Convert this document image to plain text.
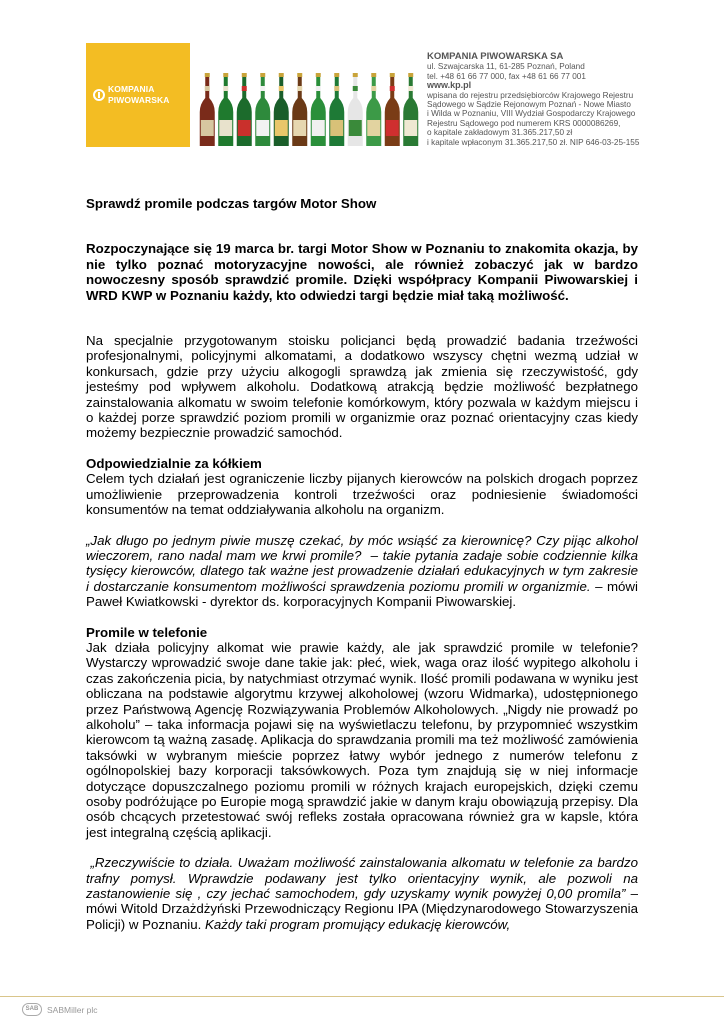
KOMPANIA
PIWOWARSKA
KOMPANIA PIWOWARSKA SA
ul. Szwajcarska 11, 61-285 Poznań, Poland
tel. +48 61 66 77 000, fax +48 61 66 77 001
www.kp.pl
wpisana do rejestru przedsiębiorców Krajowego Rejestru
Sądowego w Sądzie Rejonowym Poznań - Nowe Miasto
i Wilda w Poznaniu, VIII Wydział Gospodarczy Krajowego
Rejestru Sądowego pod numerem KRS 0000086269,
o kapitale zakładowym 31.365.217,50 zł
i kapitale wpłaconym 31.365.217,50 zł. NIP 646-03-25-155

Sprawdź promile podczas targów Motor Show

Rozpoczynające się 19 marca br. targi Motor Show w Poznaniu to znakomita okazja, by nie tylko poznać motoryzacyjne nowości, ale również zobaczyć jak w bardzo nowoczesny sposób sprawdzić promile. Dzięki współpracy Kompanii Piwowarskiej i WRD KWP w Poznaniu każdy, kto odwiedzi targi będzie miał taką możliwość.

Na specjalnie przygotowanym stoisku policjanci będą prowadzić badania trzeźwości profesjonalnymi, policyjnymi alkomatami, a dodatkowo wszyscy chętni wezmą udział w konkursach, gdzie przy użyciu alkogogli sprawdzą jak zmienia się rzeczywistość, gdy jesteśmy pod wpływem alkoholu. Dodatkową atrakcją będzie możliwość bezpłatnego zainstalowania alkomatu w swoim telefonie komórkowym, który pozwala w każdym miejscu i o każdej porze sprawdzić poziom promili w organizmie oraz poznać orientacyjny czas kiedy możemy bezpiecznie prowadzić samochód.

Odpowiedzialnie za kółkiem

Celem tych działań jest ograniczenie liczby pijanych kierowców na polskich drogach poprzez umożliwienie przeprowadzenia kontroli trzeźwości oraz podniesienie świadomości konsumentów na temat oddziaływania alkoholu na organizm.

„Jak długo po jednym piwie muszę czekać, by móc wsiąść za kierownicę? Czy pijąc alkohol wieczorem, rano nadal mam we krwi promile? – takie pytania zadaje sobie codziennie kilka tysięcy kierowców, dlatego tak ważne jest prowadzenie działań edukacyjnych w tym zakresie i dostarczanie konsumentom możliwości sprawdzenia poziomu promili w organizmie. – mówi Paweł Kwiatkowski - dyrektor ds. korporacyjnych Kompanii Piwowarskiej.

Promile w telefonie

Jak działa policyjny alkomat wie prawie każdy, ale jak sprawdzić promile w telefonie? Wystarczy wprowadzić swoje dane takie jak: płeć, wiek, waga oraz ilość wypitego alkoholu i czas zakończenia picia, by natychmiast otrzymać wynik. Ilość promili podawana w wyniku jest obliczana na podstawie algorytmu krzywej alkoholowej (wzoru Widmarka), udostępnionego przez Państwową Agencję Rozwiązywania Problemów Alkoholowych. „Nigdy nie prowadź po alkoholu” – taka informacja pojawi się na wyświetlaczu telefonu, by przypomnieć wszystkim kierowcom tą ważną zasadę. Aplikacja do sprawdzania promili ma też możliwość zamówienia taksówki w wybranym mieście poprzez łatwy wybór jednego z numerów telefonu z ogólnopolskiej bazy korporacji taksówkowych. Poza tym znajdują się w niej informacje dotyczące dopuszczalnego poziomu promili w różnych krajach europejskich, dzięki czemu osoby podróżujące po Europie mogą sprawdzić jakie w danym kraju obowiązują przepisy. Dla osób chcących przetestować swój refleks została opracowana również gra w kapsle, która jest integralną częścią aplikacji.

„Rzeczywiście to działa. Uważam możliwość zainstalowania alkomatu w telefonie za bardzo trafny pomysł. Wprawdzie podawany jest tylko orientacyjny wynik, ale pozwoli na zastanowienie się , czy jechać samochodem, gdy uzyskamy wynik powyżej 0,00 promila” – mówi Witold Drzażdżyński Przewodniczący Regionu IPA (Międzynarodowego Stowarzyszenia Policji) w Poznaniu. Każdy taki program promujący edukację kierowców,

SAB	SABMiller plc
